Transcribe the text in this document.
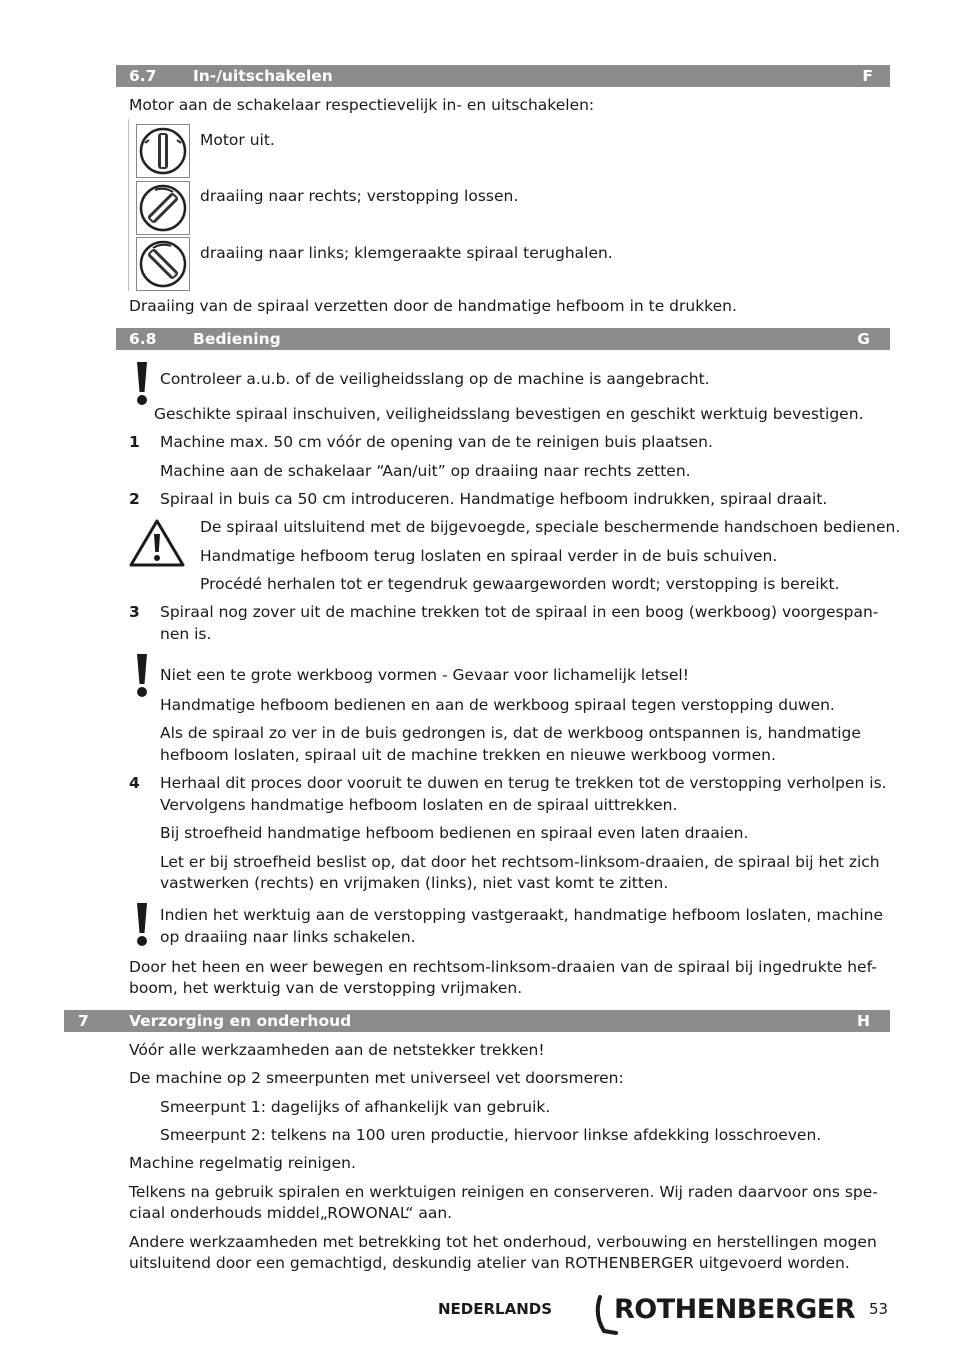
6.7 In-/uitschakelen	F
Motor aan de schakelaar respectievelijk in- en uitschakelen:
Motor uit.
draaiing naar rechts; verstopping lossen.
draaiing naar links; klemgeraakte spiraal terughalen.
Draaiing van de spiraal verzetten door de handmatige hefboom in te drukken.
6.8 Bediening	G
Controleer a.u.b. of de veiligheidsslang op de machine is aangebracht.
Geschikte spiraal inschuiven, veiligheidsslang bevestigen en geschikt werktuig bevestigen.
1 Machine max. 50 cm vóór de opening van de te reinigen buis plaatsen.
Machine aan de schakelaar “Aan/uit” op draaiing naar rechts zetten.
2 Spiraal in buis ca 50 cm introduceren. Handmatige hefboom indrukken, spiraal draait.
De spiraal uitsluitend met de bijgevoegde, speciale beschermende handschoen bedienen.
Handmatige hefboom terug loslaten en spiraal verder in de buis schuiven.
Procédé herhalen tot er tegendruk gewaargeworden wordt; verstopping is bereikt.
3 Spiraal nog zover uit de machine trekken tot de spiraal in een boog (werkboog) voorgespan-
nen is.
Niet een te grote werkboog vormen - Gevaar voor lichamelijk letsel!
Handmatige hefboom bedienen en aan de werkboog spiraal tegen verstopping duwen.
Als de spiraal zo ver in de buis gedrongen is, dat de werkboog ontspannen is, handmatige
hefboom loslaten, spiraal uit de machine trekken en nieuwe werkboog vormen.
4 Herhaal dit proces door vooruit te duwen en terug te trekken tot de verstopping verholpen is.
Vervolgens handmatige hefboom loslaten en de spiraal uittrekken.
Bij stroefheid handmatige hefboom bedienen en spiraal even laten draaien.
Let er bij stroefheid beslist op, dat door het rechtsom-linksom-draaien, de spiraal bij het zich
vastwerken (rechts) en vrijmaken (links), niet vast komt te zitten.
Indien het werktuig aan de verstopping vastgeraakt, handmatige hefboom loslaten, machine
op draaiing naar links schakelen.
Door het heen en weer bewegen en rechtsom-linksom-draaien van de spiraal bij ingedrukte hef-
boom, het werktuig van de verstopping vrijmaken.
7	Verzorging en onderhoud	H
Vóór alle werkzaamheden aan de netstekker trekken!
De machine op 2 smeerpunten met universeel vet doorsmeren:
Smeerpunt 1: dagelijks of afhankelijk van gebruik.
Smeerpunt 2: telkens na 100 uren productie, hiervoor linkse afdekking losschroeven.
Machine regelmatig reinigen.
Telkens na gebruik spiralen en werktuigen reinigen en conserveren. Wij raden daarvoor ons spe-
ciaal onderhouds middel„ROWONAL“ aan.
Andere werkzaamheden met betrekking tot het onderhoud, verbouwing en herstellingen mogen
uitsluitend door een gemachtigd, deskundig atelier van ROTHENBERGER uitgevoerd worden.
NEDERLANDS ROTHENBERGER 53
